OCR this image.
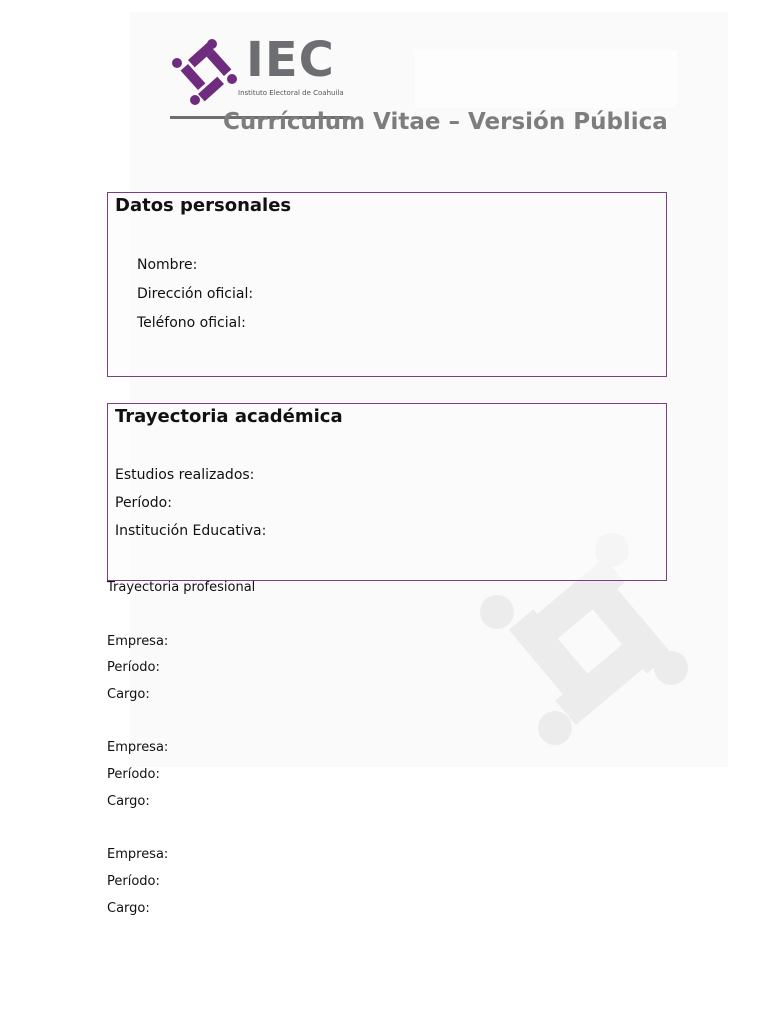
IEC
Instituto Electoral de Coahuila
Currículum Vitae – Versión Pública
Datos personales
Nombre:
Dirección oficial:
Teléfono oficial:
Trayectoria académica
Estudios realizados:
Período:
Institución Educativa:
Trayectoria profesional
Empresa:
Período:
Cargo:
Empresa:
Período:
Cargo:
Empresa:
Período:
Cargo:
